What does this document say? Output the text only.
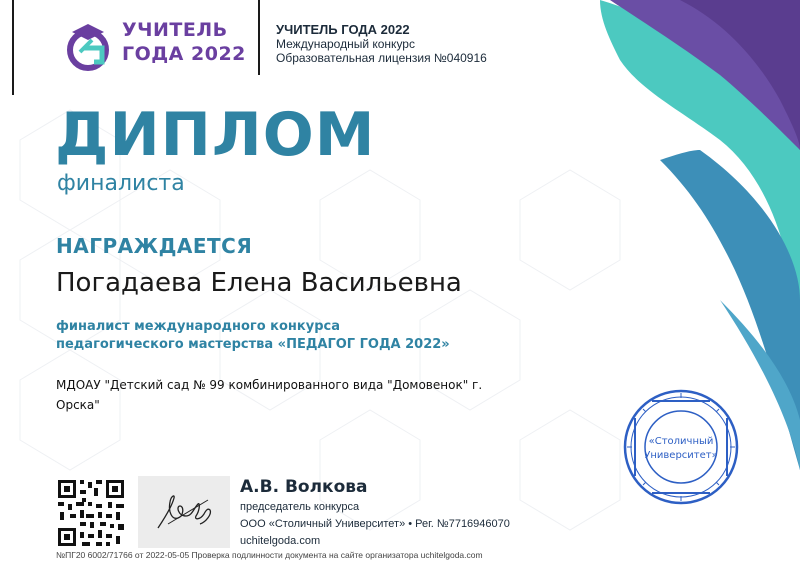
УЧИТЕЛЬ
ГОДА 2022
УЧИТЕЛЬ ГОДА 2022
Международный конкурс
Образовательная лицензия №040916
ДИПЛОМ
финалиста
НАГРАЖДАЕТСЯ
Погадаева Елена Васильевна
финалист международного конкурса
педагогического мастерства «ПЕДАГОГ ГОДА 2022»
МДОАУ "Детский сад № 99 комбинированного вида "Домовенок" г. Орска"
А.В. Волкова
председатель конкурса
ООО «Столичный Университет» • Рег. №7716946070
uchitelgoda.com
«Столичный
Университет»
№ПГ20 6002/71766 от 2022-05-05 Проверка подлинности документа на сайте организатора uchitelgoda.com
